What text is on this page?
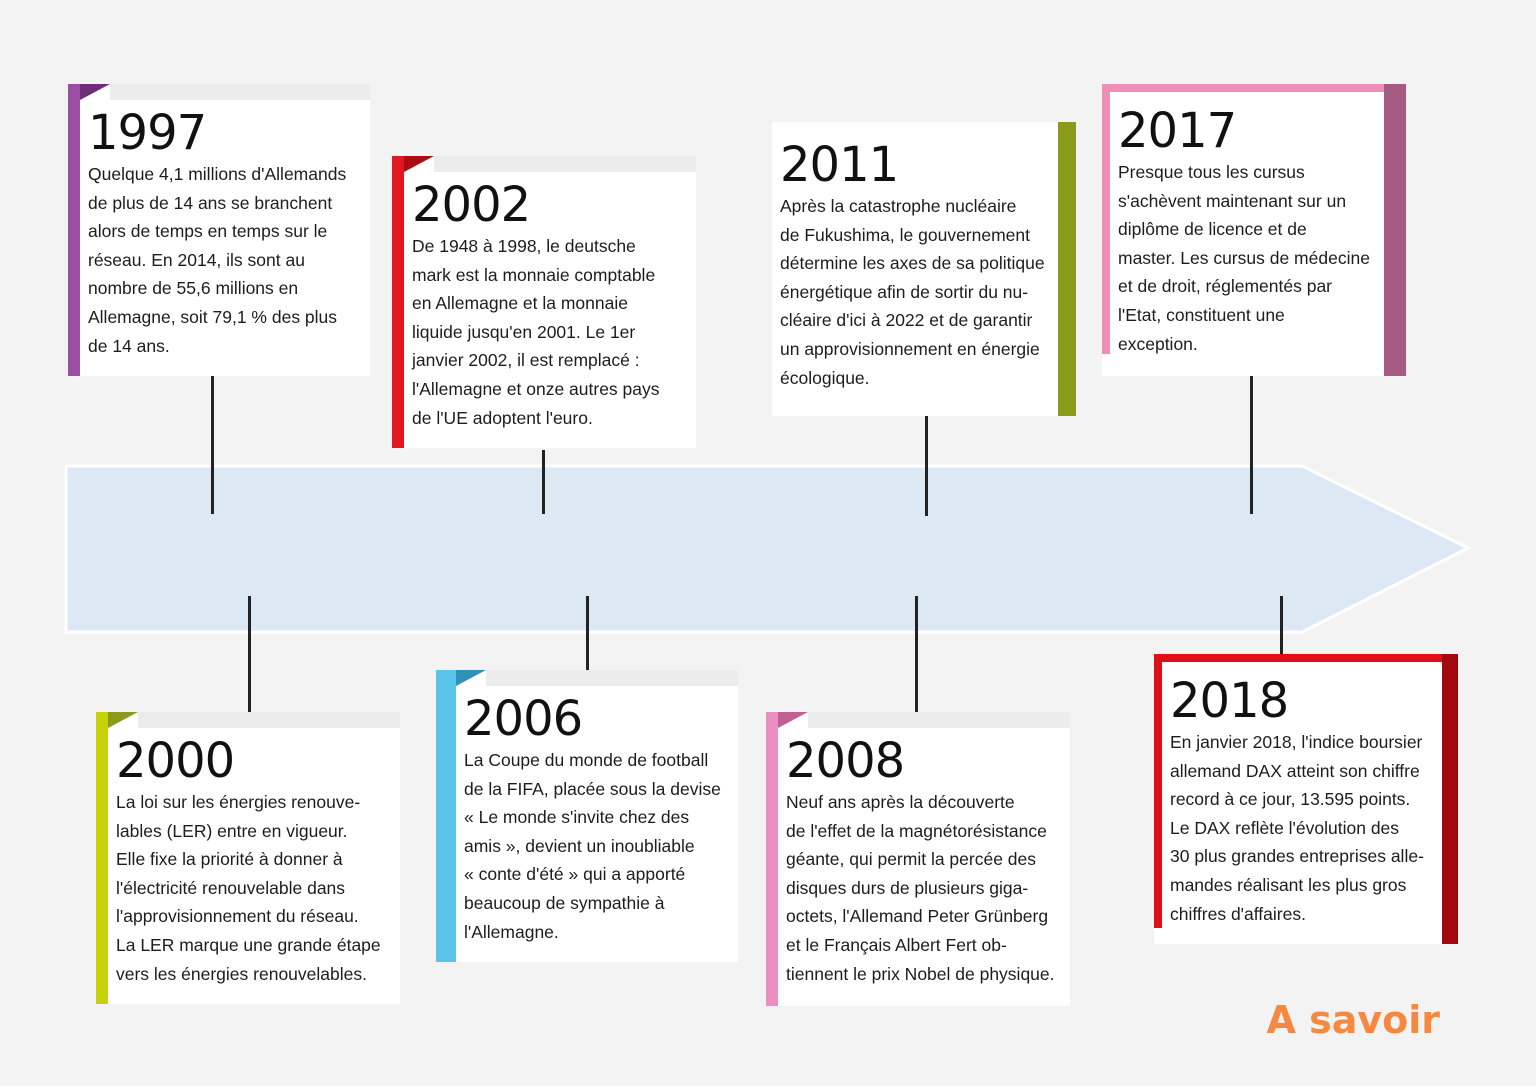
1997
Quelque 4,1 millions d'Allemands
de plus de 14 ans se branchent
alors de temps en temps sur le
réseau. En 2014, ils sont au
nombre de 55,6 millions en
Allemagne, soit 79,1 % des plus
de 14 ans.
2002
De 1948 à 1998, le deutsche
mark est la monnaie comptable
en Allemagne et la monnaie
liquide jusqu'en 2001. Le 1er
janvier 2002, il est remplacé :
l'Allemagne et onze autres pays
de l'UE adoptent l'euro.
2011
Après la catastrophe nucléaire
de Fukushima, le gouvernement
détermine les axes de sa politique
énergétique afin de sortir du nu-
cléaire d'ici à 2022 et de garantir
un approvisionnement en énergie
écologique.
2017
Presque tous les cursus
s'achèvent maintenant sur un
diplôme de licence et de
master. Les cursus de médecine
et de droit, réglementés par
l'Etat, constituent une
exception.
2000
La loi sur les énergies renouve-
lables (LER) entre en vigueur.
Elle fixe la priorité à donner à
l'électricité renouvelable dans
l'approvisionnement du réseau.
La LER marque une grande étape
vers les énergies renouvelables.
2006
La Coupe du monde de football
de la FIFA, placée sous la devise
« Le monde s'invite chez des
amis », devient un inoubliable
« conte d'été » qui a apporté
beaucoup de sympathie à
l'Allemagne.
2008
Neuf ans après la découverte
de l'effet de la magnétorésistance
géante, qui permit la percée des
disques durs de plusieurs giga-
octets, l'Allemand Peter Grünberg
et le Français Albert Fert ob-
tiennent le prix Nobel de physique.
2018
En janvier 2018, l'indice boursier
allemand DAX atteint son chiffre
record à ce jour, 13.595 points.
Le DAX reflète l'évolution des
30 plus grandes entreprises alle-
mandes réalisant les plus gros
chiffres d'affaires.
A savoir
